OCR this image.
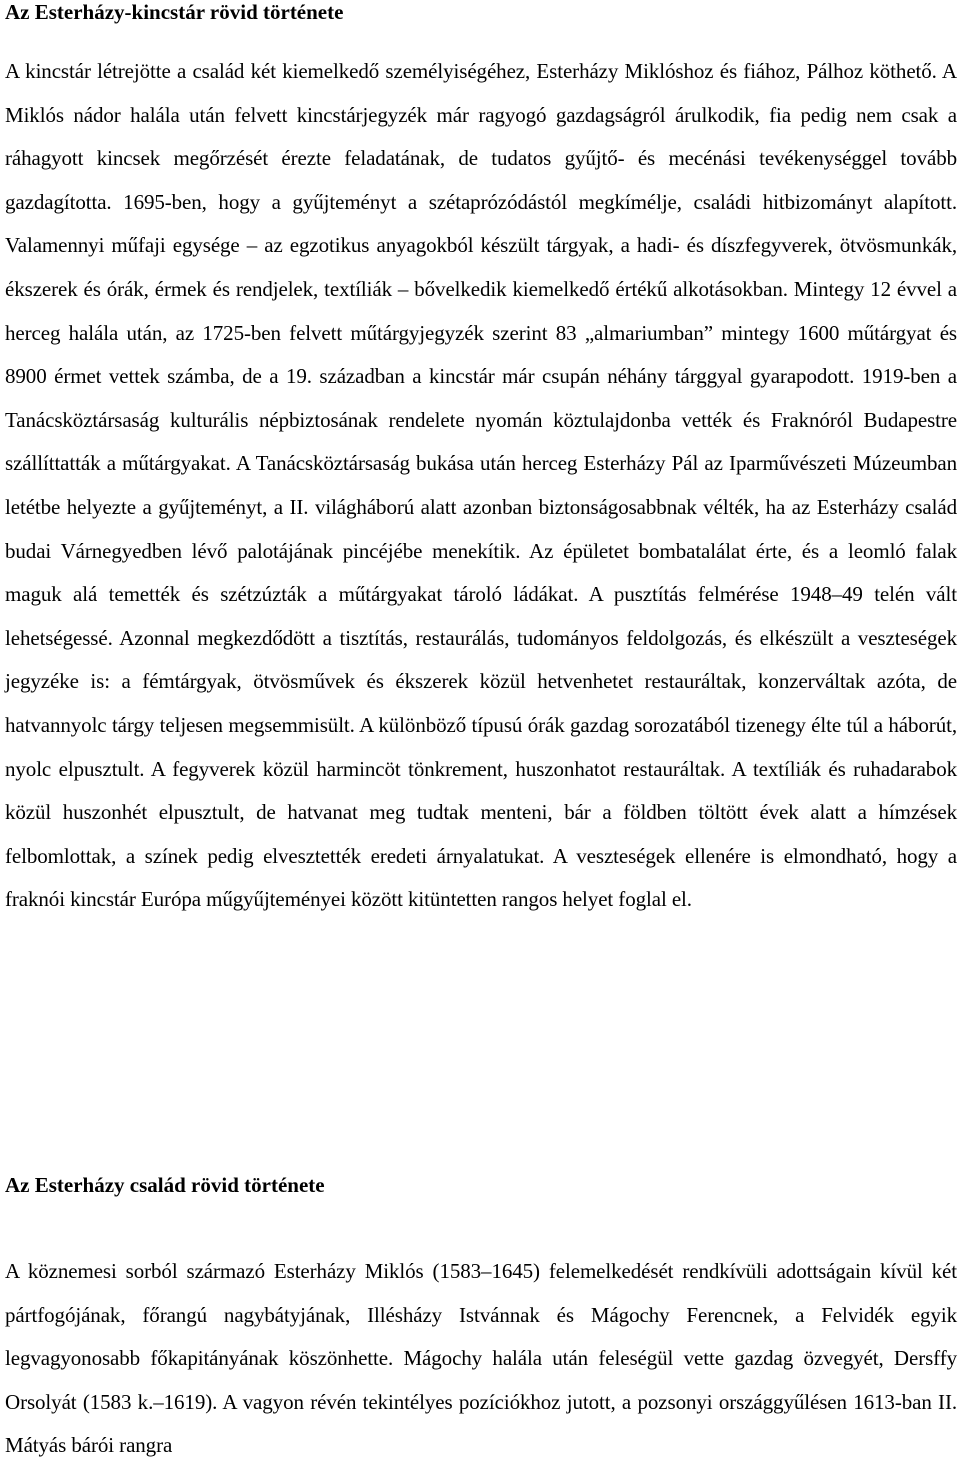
Az Esterházy-kincstár rövid története

A kincstár létrejötte a család két kiemelkedő személyiségéhez, Esterházy Miklóshoz és fiához, Pálhoz köthető. A Miklós nádor halála után felvett kincstárjegyzék már ragyogó gazdagságról árulkodik, fia pedig nem csak a ráhagyott kincsek megőrzését érezte feladatának, de tudatos gyűjtő- és mecénási tevékenységgel tovább gazdagította. 1695-ben, hogy a gyűjteményt a szétaprózódástól megkímélje, családi hitbizományt alapított. Valamennyi műfaji egysége – az egzotikus anyagokból készült tárgyak, a hadi- és díszfegyverek, ötvösmunkák, ékszerek és órák, érmek és rendjelek, textíliák – bővelkedik kiemelkedő értékű alkotásokban. Mintegy 12 évvel a herceg halála után, az 1725-ben felvett műtárgyjegyzék szerint 83 „almariumban” mintegy 1600 műtárgyat és 8900 érmet vettek számba, de a 19. században a kincstár már csupán néhány tárggyal gyarapodott. 1919-ben a Tanácsköztársaság kulturális népbiztosának rendelete nyomán köztulajdonba vették és Fraknóról Budapestre szállíttatták a műtárgyakat. A Tanácsköztársaság bukása után herceg Esterházy Pál az Iparművészeti Múzeumban letétbe helyezte a gyűjteményt, a II. világháború alatt azonban biztonságosabbnak vélték, ha az Esterházy család budai Várnegyedben lévő palotájának pincéjébe menekítik. Az épületet bombatalálat érte, és a leomló falak maguk alá temették és szétzúzták a műtárgyakat tároló ládákat. A pusztítás felmérése 1948–49 telén vált lehetségessé. Azonnal megkezdődött a tisztítás, restaurálás, tudományos feldolgozás, és elkészült a veszteségek jegyzéke is: a fémtárgyak, ötvösművek és ékszerek közül hetvenhetet restauráltak, konzerváltak azóta, de hatvannyolc tárgy teljesen megsemmisült. A különböző típusú órák gazdag sorozatából tizenegy élte túl a háborút, nyolc elpusztult. A fegyverek közül harmincöt tönkrement, huszonhatot restauráltak. A textíliák és ruhadarabok közül huszonhét elpusztult, de hatvanat meg tudtak menteni, bár a földben töltött évek alatt a hímzések felbomlottak, a színek pedig elvesztették eredeti árnyalatukat. A veszteségek ellenére is elmondható, hogy a fraknói kincstár Európa műgyűjteményei között kitüntetten rangos helyet foglal el.

Az Esterházy család rövid története

A köznemesi sorból származó Esterházy Miklós (1583–1645) felemelkedését rendkívüli adottságain kívül két pártfogójának, főrangú nagybátyjának, Illésházy Istvánnak és Mágochy Ferencnek, a Felvidék egyik legvagyonosabb főkapitányának köszönhette. Mágochy halála után feleségül vette gazdag özvegyét, Dersffy Orsolyát (1583 k.–1619). A vagyon révén tekintélyes pozíciókhoz jutott, a pozsonyi országgyűlésen 1613-ban II. Mátyás bárói rangra
